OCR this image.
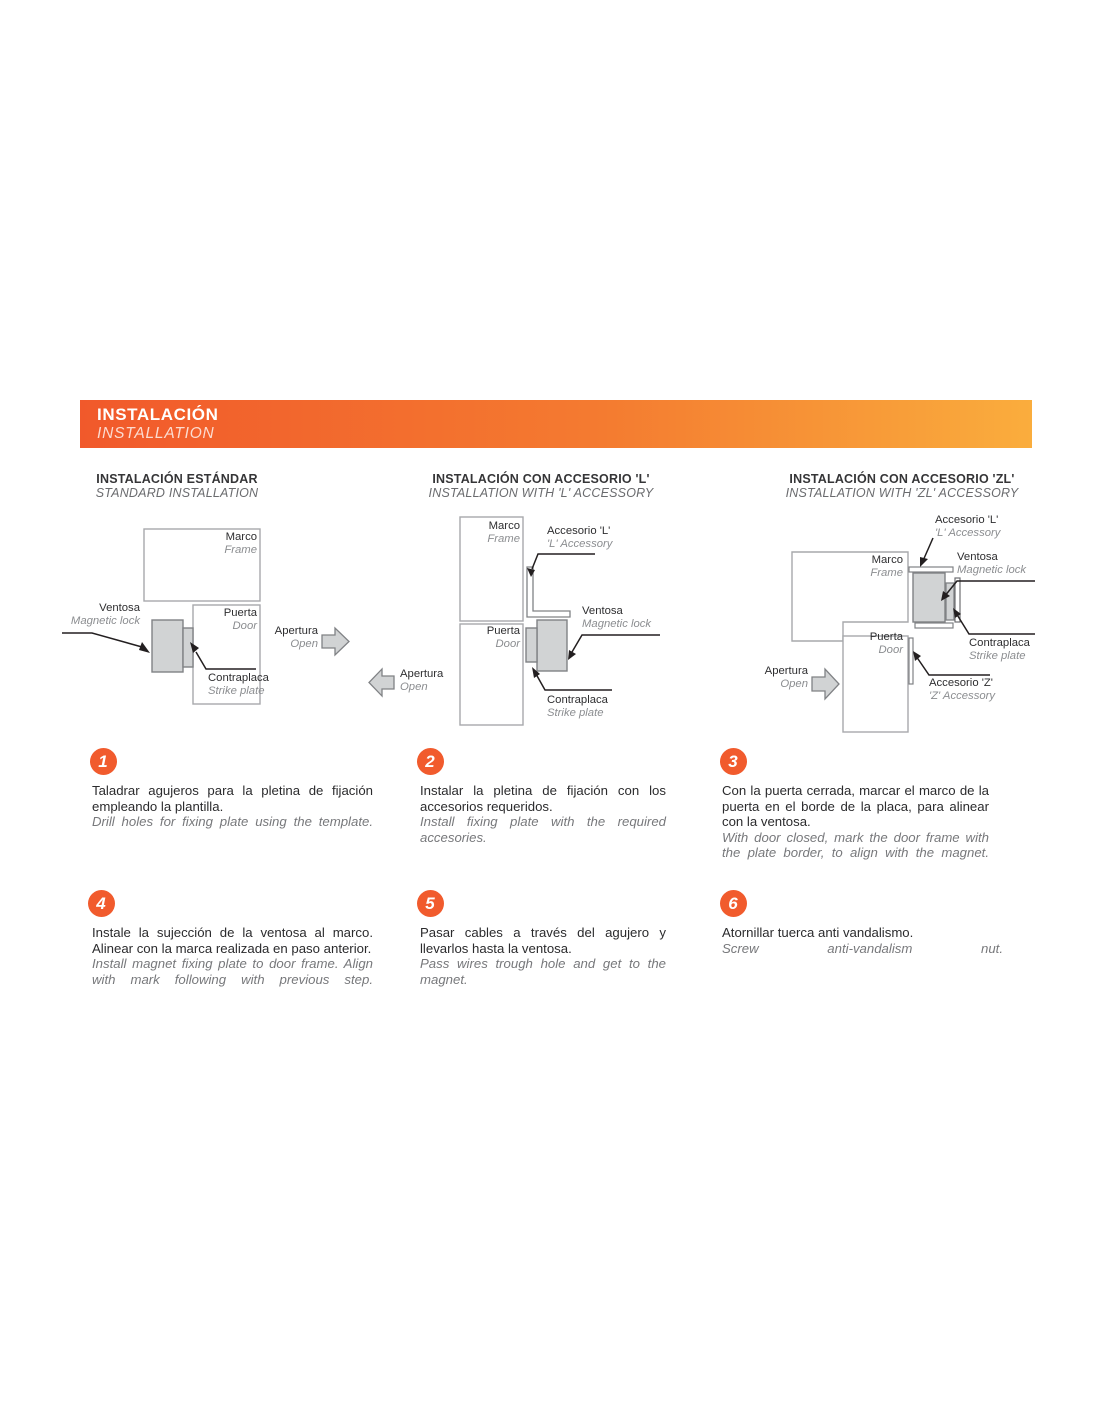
INSTALACIÓN
INSTALLATION
INSTALACIÓN ESTÁNDAR
STANDARD INSTALLATION
INSTALACIÓN CON ACCESORIO 'L'
INSTALLATION WITH 'L' ACCESSORY
INSTALACIÓN CON ACCESORIO 'ZL'
INSTALLATION WITH 'ZL' ACCESSORY
Marco
Frame
Puerta
Door
Ventosa
Magnetic lock
Contraplaca
Strike plate
Apertura
Open
Marco
Frame
Puerta
Door
Accesorio 'L'
'L' Accessory
Ventosa
Magnetic lock
Contraplaca
Strike plate
Apertura
Open
Accesorio 'L'
'L' Accessory
Ventosa
Magnetic lock
Marco
Frame
Puerta
Door
Contraplaca
Strike plate
Accesorio 'Z'
'Z' Accessory
Apertura
Open
1

Taladrar agujeros para la pletina de fijación empleando la plantilla.

Drill holes for fixing plate using the template.

2

Instalar la pletina de fijación con los accesorios requeridos.

Install fixing plate with the required accesories.

3

Con la puerta cerrada, marcar el marco de la puerta en el borde de la placa, para alinear con la ventosa.

With door closed, mark the door frame with the plate border, to align with the magnet.

4

Instale la sujección de la ventosa al marco. Alinear con la marca realizada en paso anterior.

Install magnet fixing plate to door frame. Align with mark following with previous step.

5

Pasar cables a través del agujero y llevarlos hasta la ventosa.

Pass wires trough hole and get to the magnet.

6

Atornillar tuerca anti vandalismo.

Screw anti-vandalism nut.
